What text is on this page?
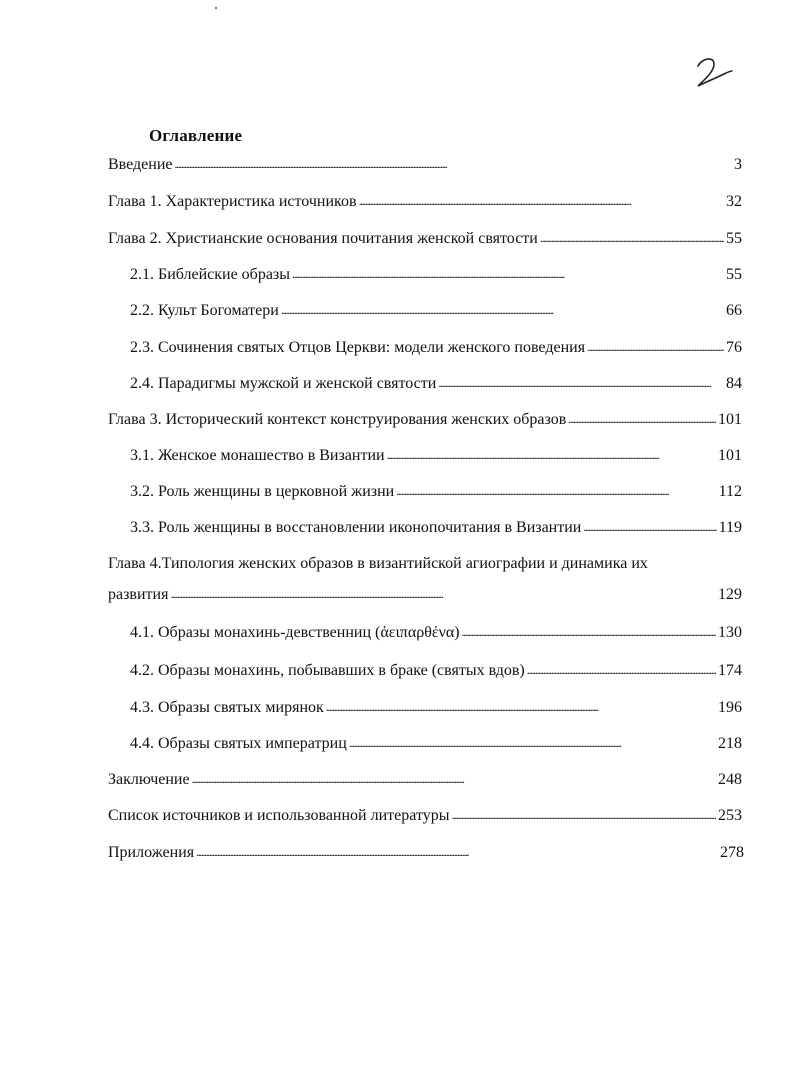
Оглавление
Введение . . .	3
Глава 1. Характеристика источников . . .	32
Глава 2. Христианские основания почитания женской святости . . .	55
2.1. Библейские образы . . .	55
2.2. Культ Богоматери . . .	66
2.3. Сочинения святых Отцов Церкви: модели женского поведения . . .	76
2.4. Парадигмы мужской и женской святости . . .	84
Глава 3. Исторический контекст конструирования женских образов . . .	101
3.1. Женское монашество в Византии . . .	101
3.2. Роль женщины в церковной жизни . . .	112
3.3. Роль женщины в восстановлении иконопочитания в Византии . . .	119
Глава 4.Типология женских образов в византийской агиографии и динамика их
развития . . .	129
4.1. Образы монахинь-девственниц (ἀειπαρθένα) . . .	130
4.2. Образы монахинь, побывавших в браке (святых вдов) . . .	174
4.3. Образы святых мирянок . . .	196
4.4. Образы святых императриц . . .	218
Заключение . . .	248
Список источников и использованной литературы . . .	253
Приложения . . .	278
